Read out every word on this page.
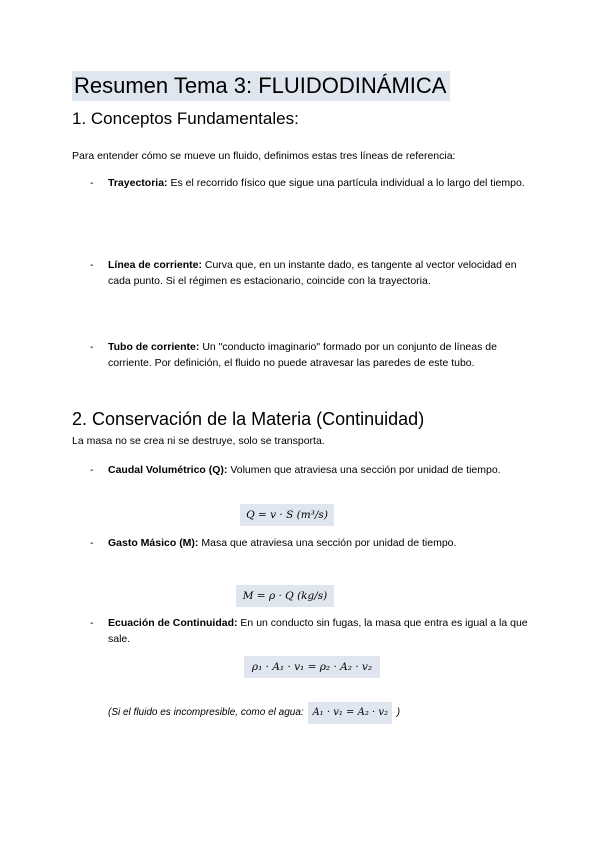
Resumen Tema 3: FLUIDODINÁMICA
1. Conceptos Fundamentales:
Para entender cómo se mueve un fluido, definimos estas tres líneas de referencia:
- Trayectoria: Es el recorrido físico que sigue una partícula individual a lo largo del tiempo.
- Línea de corriente: Curva que, en un instante dado, es tangente al vector velocidad en cada punto. Si el régimen es estacionario, coincide con la trayectoria.
- Tubo de corriente: Un "conducto imaginario" formado por un conjunto de líneas de corriente. Por definición, el fluido no puede atravesar las paredes de este tubo.
2. Conservación de la Materia (Continuidad)
La masa no se crea ni se destruye, solo se transporta.
- Caudal Volumétrico (Q): Volumen que atraviesa una sección por unidad de tiempo.
Q = v · S (m³/s)
- Gasto Másico (M): Masa que atraviesa una sección por unidad de tiempo.
M = ρ · Q (kg/s)
- Ecuación de Continuidad: En un conducto sin fugas, la masa que entra es igual a la que sale.
ρ₁ · A₁ · v₁ = ρ₂ · A₂ · v₂
(Si el fluido es incompresible, como el agua: A₁ · v₁ = A₂ · v₂ )
